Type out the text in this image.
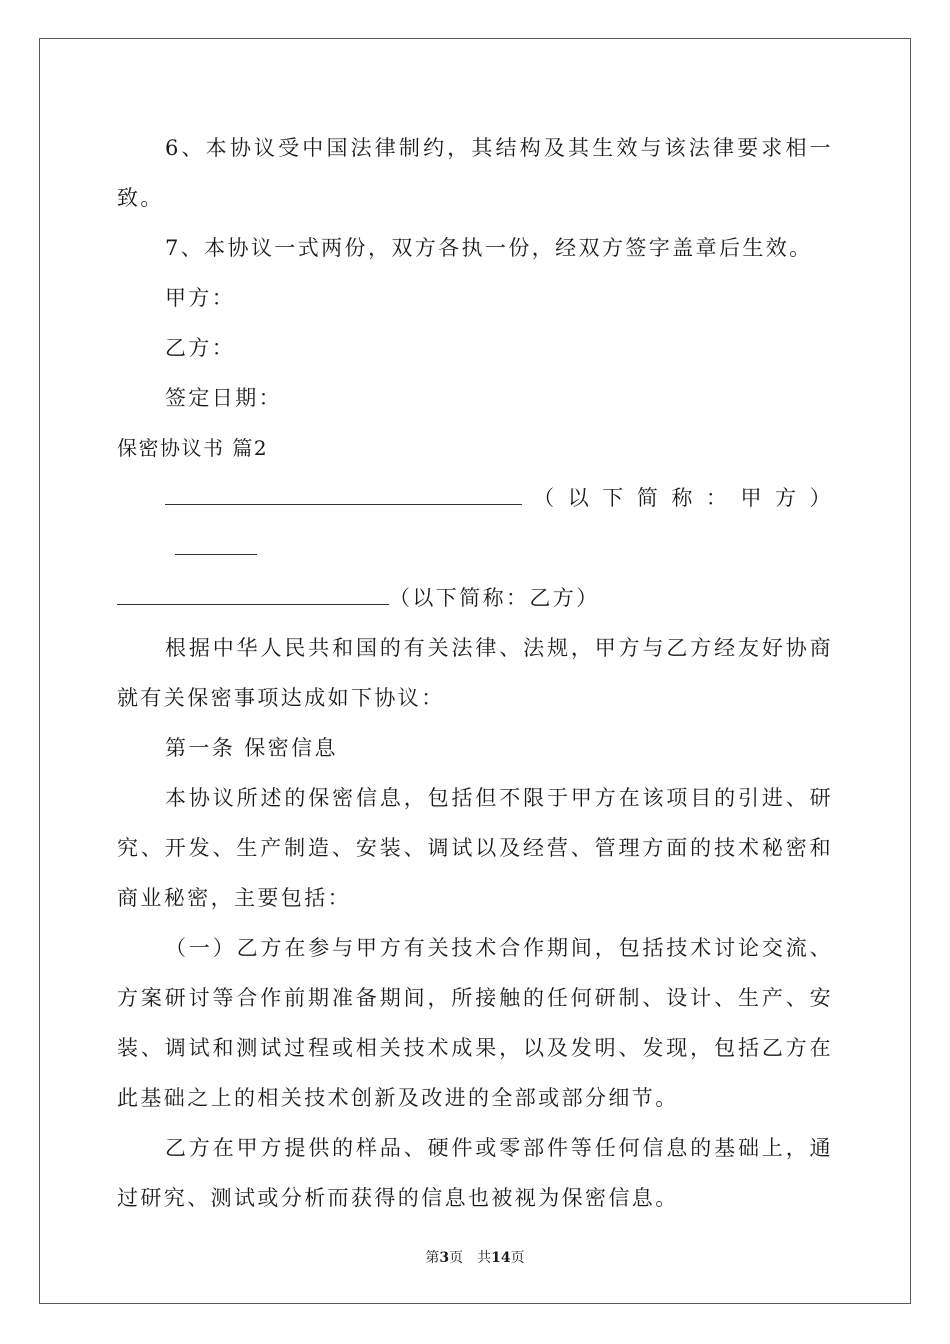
6、本协议受中国法律制约，其结构及其生效与该法律要求相一致。

7、本协议一式两份，双方各执一份，经双方签字盖章后生效。

甲方：

乙方：

签定日期：

保密协议书 篇2

（以下简称：甲方）

（以下简称：乙方）

根据中华人民共和国的有关法律、法规，甲方与乙方经友好协商就有关保密事项达成如下协议：

第一条 保密信息

本协议所述的保密信息，包括但不限于甲方在该项目的引进、研究、开发、生产制造、安装、调试以及经营、管理方面的技术秘密和商业秘密，主要包括：

（一）乙方在参与甲方有关技术合作期间，包括技术讨论交流、方案研讨等合作前期准备期间，所接触的任何研制、设计、生产、安装、调试和测试过程或相关技术成果，以及发明、发现，包括乙方在此基础之上的相关技术创新及改进的全部或部分细节。

乙方在甲方提供的样品、硬件或零部件等任何信息的基础上，通过研究、测试或分析而获得的信息也被视为保密信息。

第3页 共14页
